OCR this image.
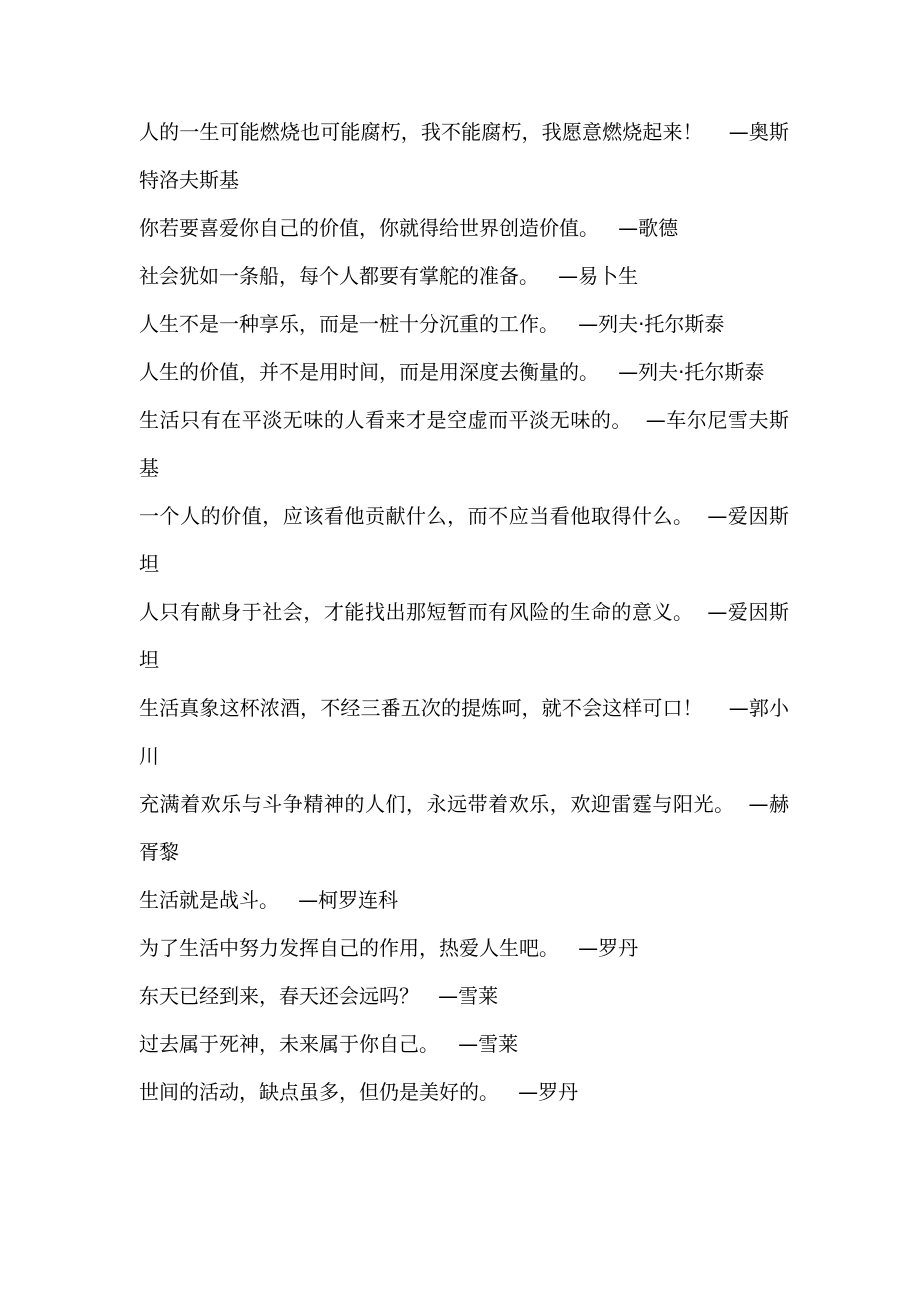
人的一生可能燃烧也可能腐朽，我不能腐朽，我愿意燃烧起来！ —奥斯特洛夫斯基
你若要喜爱你自己的价值，你就得给世界创造价值。 —歌德
社会犹如一条船，每个人都要有掌舵的准备。 —易卜生
人生不是一种享乐，而是一桩十分沉重的工作。 —列夫·托尔斯泰
人生的价值，并不是用时间，而是用深度去衡量的。 —列夫·托尔斯泰
生活只有在平淡无味的人看来才是空虚而平淡无味的。 —车尔尼雪夫斯基
一个人的价值，应该看他贡献什么，而不应当看他取得什么。 —爱因斯坦
人只有献身于社会，才能找出那短暂而有风险的生命的意义。 —爱因斯坦
生活真象这杯浓酒，不经三番五次的提炼呵，就不会这样可口！ —郭小川
充满着欢乐与斗争精神的人们，永远带着欢乐，欢迎雷霆与阳光。 —赫胥黎
生活就是战斗。 —柯罗连科
为了生活中努力发挥自己的作用，热爱人生吧。 —罗丹
东天已经到来，春天还会远吗？ —雪莱
过去属于死神，未来属于你自己。 —雪莱
世间的活动，缺点虽多，但仍是美好的。 —罗丹
